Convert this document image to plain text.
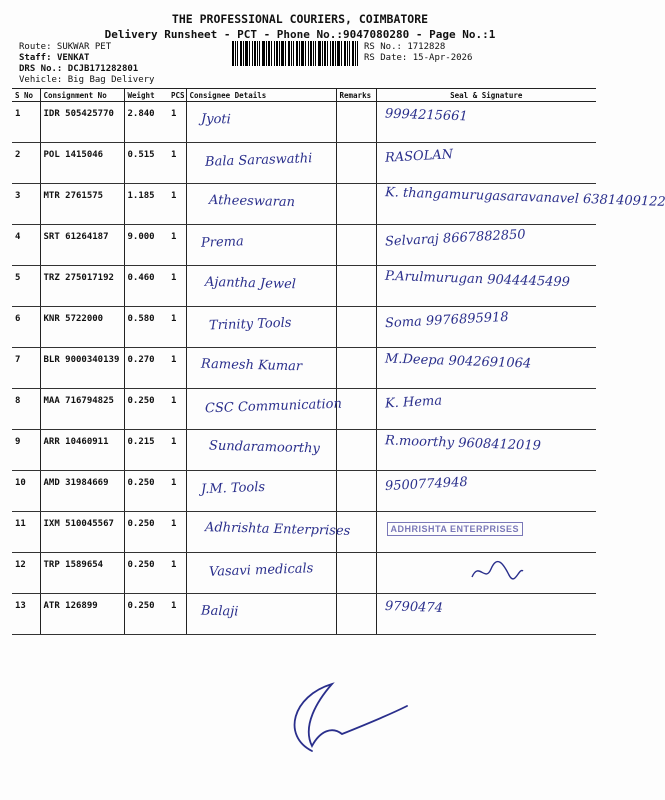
THE PROFESSIONAL COURIERS, COIMBATORE
Delivery Runsheet - PCT - Phone No.:9047080280 - Page No.:1
Route: SUKWAR PET
Staff: VENKAT
DRS No.: DCJB171282801
Vehicle: Big Bag Delivery
RS No.: 1712828
RS Date: 15-Apr-2026
S No	Consignment No	Weight	PCS	Consignee Details	Remarks	Seal & Signature
1	IDR 505425770	2.840	1	Jyoti		9994215661

2	POL 1415046	0.515	1	Bala Saraswathi		RASOLAN

3	MTR 2761575	1.185	1	Atheeswaran		K. thangamurugasaravanavel 6381409122

4	SRT 61264187	9.000	1	Prema		Selvaraj 8667882850

5	TRZ 275017192	0.460	1	Ajantha Jewel		P.Arulmurugan 9044445499

6	KNR 5722000	0.580	1	Trinity Tools		Soma 9976895918

7	BLR 9000340139	0.270	1	Ramesh Kumar		M.Deepa 9042691064

8	MAA 716794825	0.250	1	CSC Communication		K. Hema

9	ARR 10460911	0.215	1	Sundaramoorthy		R.moorthy 9608412019

10	AMD 31984669	0.250	1	J.M. Tools		9500774948

11	IXM 510045567	0.250	1	Adhrishta Enterprises		ADHRISHTA ENTERPRISES

12	TRP 1589654	0.250	1	Vasavi medicals

13	ATR 126899	0.250	1	Balaji		9790474
